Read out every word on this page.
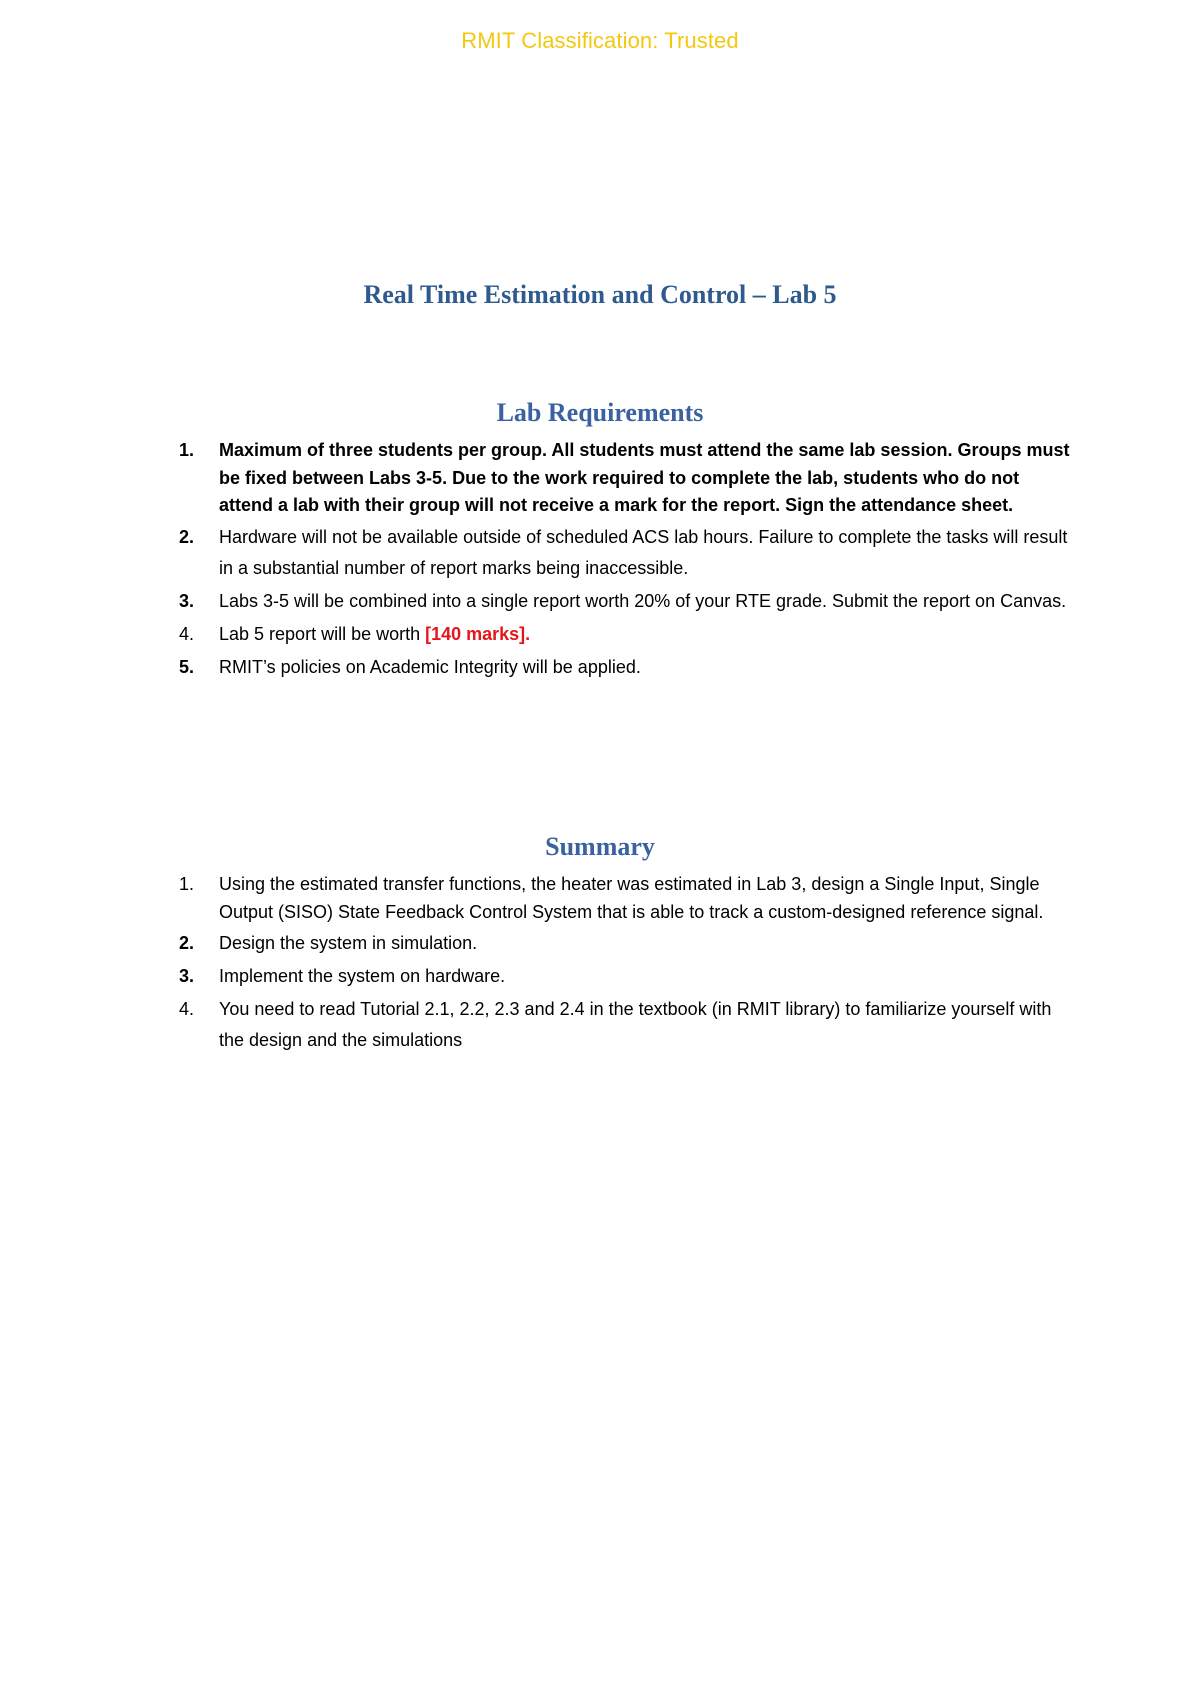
RMIT Classification: Trusted
Real Time Estimation and Control – Lab 5
Lab Requirements
1. Maximum of three students per group. All students must attend the same lab session. Groups must be fixed between Labs 3-5. Due to the work required to complete the lab, students who do not attend a lab with their group will not receive a mark for the report. Sign the attendance sheet.
2. Hardware will not be available outside of scheduled ACS lab hours. Failure to complete the tasks will result in a substantial number of report marks being inaccessible.
3. Labs 3-5 will be combined into a single report worth 20% of your RTE grade. Submit the report on Canvas.
4. Lab 5 report will be worth [140 marks].
5. RMIT’s policies on Academic Integrity will be applied.
Summary
1. Using the estimated transfer functions, the heater was estimated in Lab 3, design a Single Input, Single Output (SISO) State Feedback Control System that is able to track a custom-designed reference signal.
2. Design the system in simulation.
3. Implement the system on hardware.
4. You need to read Tutorial 2.1, 2.2, 2.3 and 2.4 in the textbook (in RMIT library) to familiarize yourself with the design and the simulations
